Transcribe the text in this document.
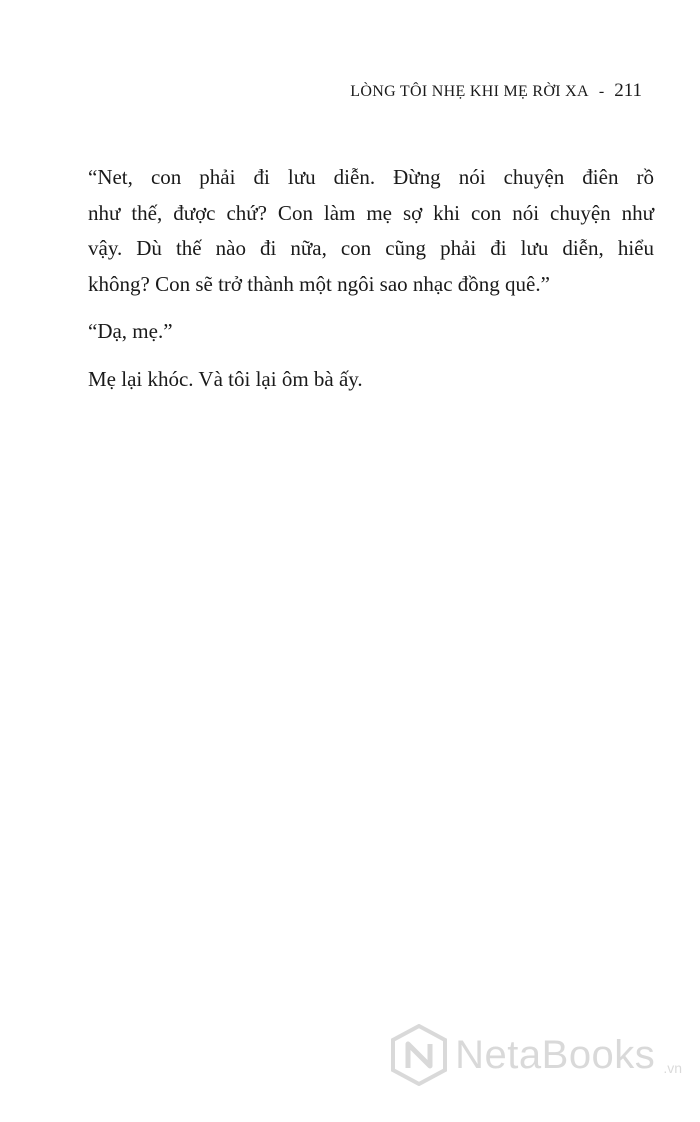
LÒNG TÔI NHẸ KHI MẸ RỜI XA - 211

“Net, con phải đi lưu diễn. Đừng nói chuyện điên rồ
như thế, được chứ? Con làm mẹ sợ khi con nói chuyện như
vậy. Dù thế nào đi nữa, con cũng phải đi lưu diễn, hiểu
không? Con sẽ trở thành một ngôi sao nhạc đồng quê.”

“Dạ, mẹ.”

Mẹ lại khóc. Và tôi lại ôm bà ấy.

NetaBooks .vn
